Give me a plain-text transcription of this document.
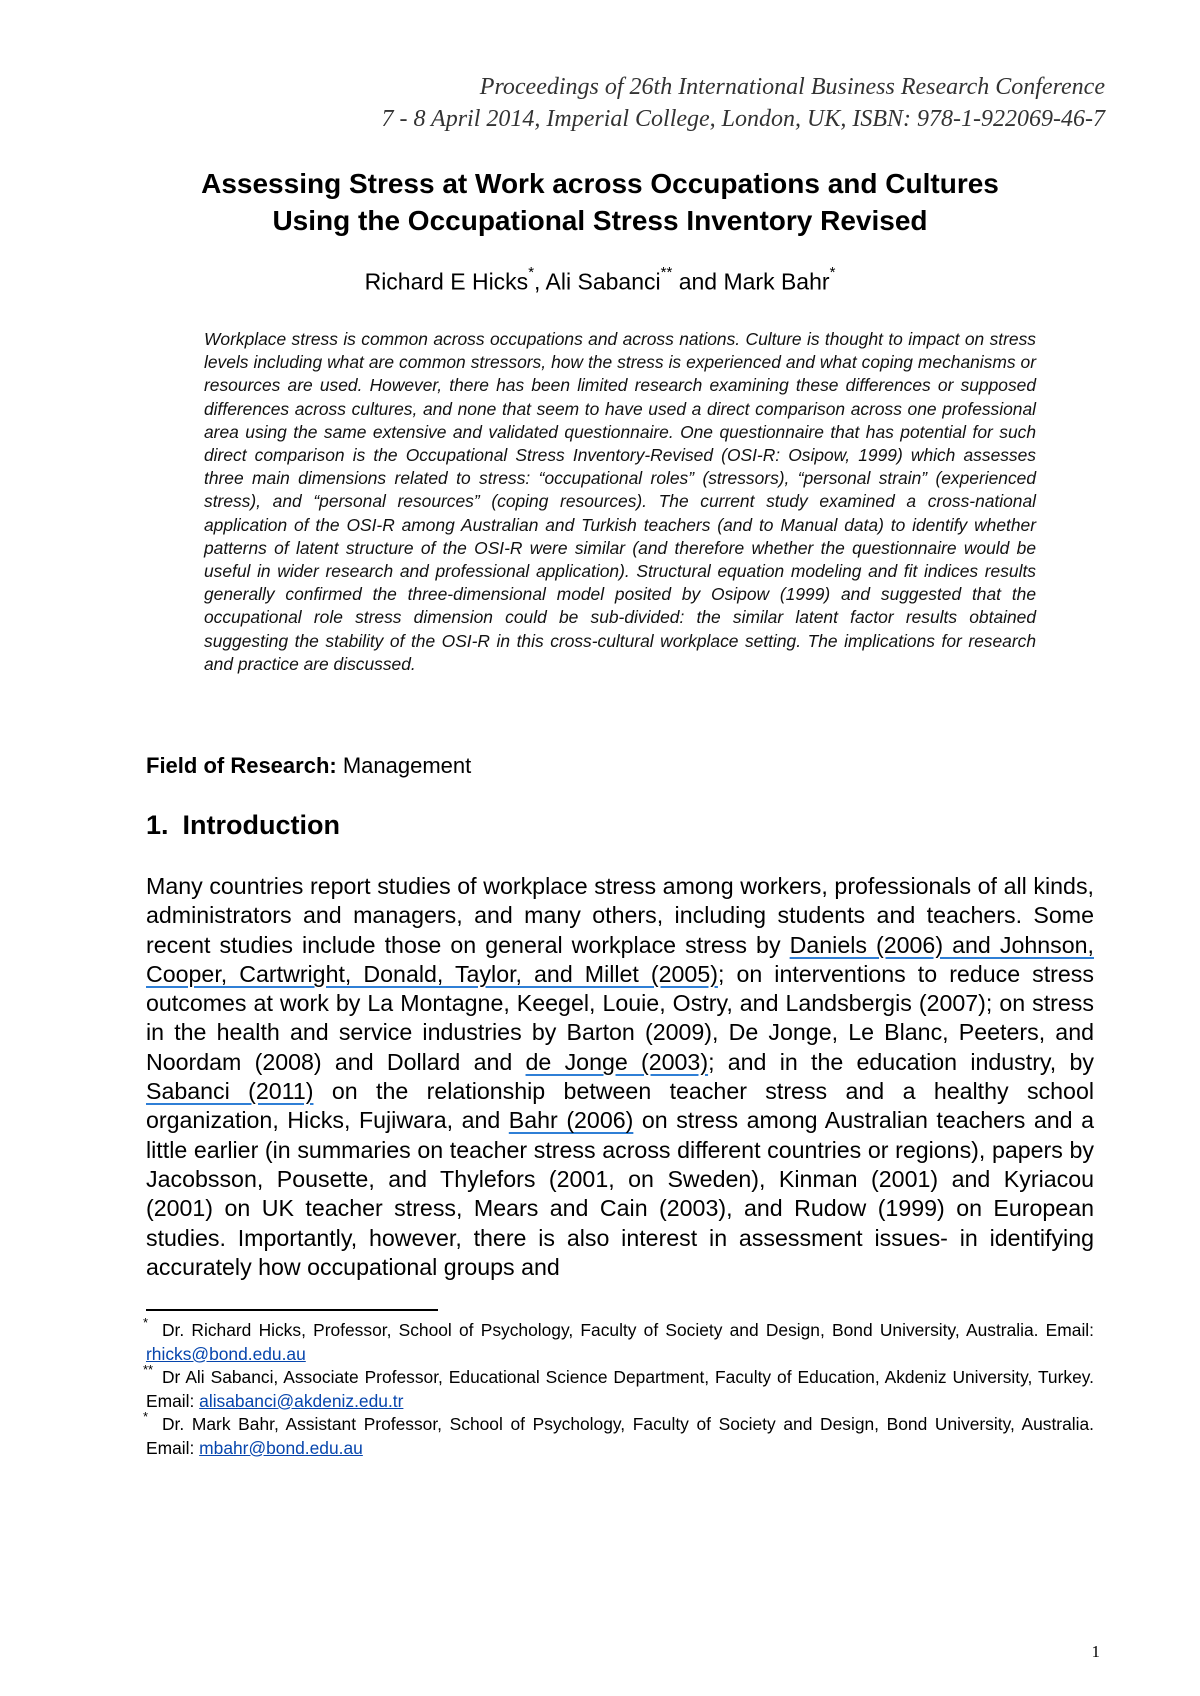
Proceedings of 26th International Business Research Conference
7 - 8 April 2014, Imperial College, London, UK, ISBN: 978-1-922069-46-7
Assessing Stress at Work across Occupations and Cultures
Using the Occupational Stress Inventory Revised
Richard E Hicks*, Ali Sabanci** and Mark Bahr*
Workplace stress is common across occupations and across nations. Culture is thought to impact on stress levels including what are common stressors, how the stress is experienced and what coping mechanisms or resources are used. However, there has been limited research examining these differences or supposed differences across cultures, and none that seem to have used a direct comparison across one professional area using the same extensive and validated questionnaire. One questionnaire that has potential for such direct comparison is the Occupational Stress Inventory-Revised (OSI-R: Osipow, 1999) which assesses three main dimensions related to stress: “occupational roles” (stressors), “personal strain” (experienced stress), and “personal resources” (coping resources). The current study examined a cross-national application of the OSI-R among Australian and Turkish teachers (and to Manual data) to identify whether patterns of latent structure of the OSI-R were similar (and therefore whether the questionnaire would be useful in wider research and professional application). Structural equation modeling and fit indices results generally confirmed the three-dimensional model posited by Osipow (1999) and suggested that the occupational role stress dimension could be sub-divided: the similar latent factor results obtained suggesting the stability of the OSI-R in this cross-cultural workplace setting. The implications for research and practice are discussed.
Field of Research: Management
1. Introduction
Many countries report studies of workplace stress among workers, professionals of all kinds, administrators and managers, and many others, including students and teachers. Some recent studies include those on general workplace stress by Daniels (2006) and Johnson, Cooper, Cartwright, Donald, Taylor, and Millet (2005); on interventions to reduce stress outcomes at work by La Montagne, Keegel, Louie, Ostry, and Landsbergis (2007); on stress in the health and service industries by Barton (2009), De Jonge, Le Blanc, Peeters, and Noordam (2008) and Dollard and de Jonge (2003); and in the education industry, by Sabanci (2011) on the relationship between teacher stress and a healthy school organization, Hicks, Fujiwara, and Bahr (2006) on stress among Australian teachers and a little earlier (in summaries on teacher stress across different countries or regions), papers by Jacobsson, Pousette, and Thylefors (2001, on Sweden), Kinman (2001) and Kyriacou (2001) on UK teacher stress, Mears and Cain (2003), and Rudow (1999) on European studies. Importantly, however, there is also interest in assessment issues- in identifying accurately how occupational groups and
* Dr. Richard Hicks, Professor, School of Psychology, Faculty of Society and Design, Bond University, Australia. Email: rhicks@bond.edu.au
** Dr Ali Sabanci, Associate Professor, Educational Science Department, Faculty of Education, Akdeniz University, Turkey. Email: alisabanci@akdeniz.edu.tr
* Dr. Mark Bahr, Assistant Professor, School of Psychology, Faculty of Society and Design, Bond University, Australia. Email: mbahr@bond.edu.au
1
